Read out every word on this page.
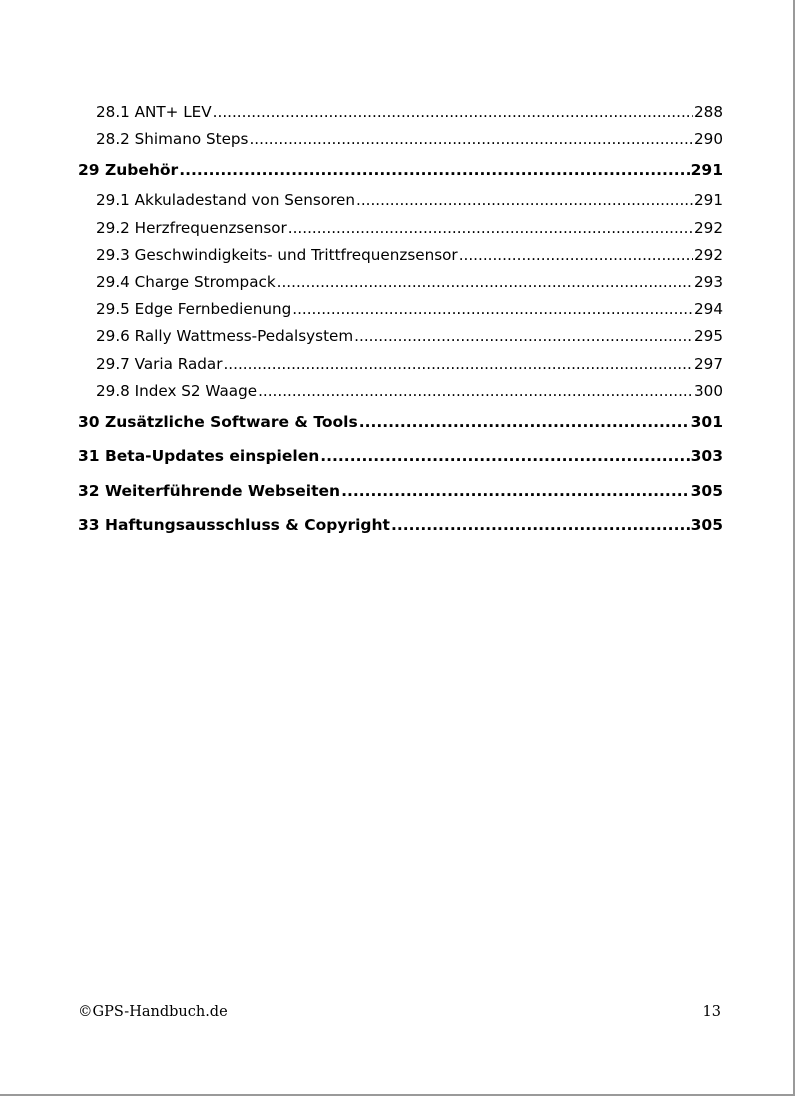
28.1 ANT+ LEV .....	288
28.2 Shimano Steps .....	290
29 Zubehör .....	291
29.1 Akkuladestand von Sensoren .....	291
29.2 Herzfrequenzsensor .....	292
29.3 Geschwindigkeits- und Trittfrequenzsensor .....	292
29.4 Charge Strompack .....	293
29.5 Edge Fernbedienung .....	294
29.6 Rally Wattmess-Pedalsystem .....	295
29.7 Varia Radar .....	297
29.8 Index S2 Waage .....	300
30 Zusätzliche Software & Tools .....	301
31 Beta-Updates einspielen .....	303
32 Weiterführende Webseiten .....	305
33 Haftungsausschluss & Copyright .....	305
©GPS-Handbuch.de	13
